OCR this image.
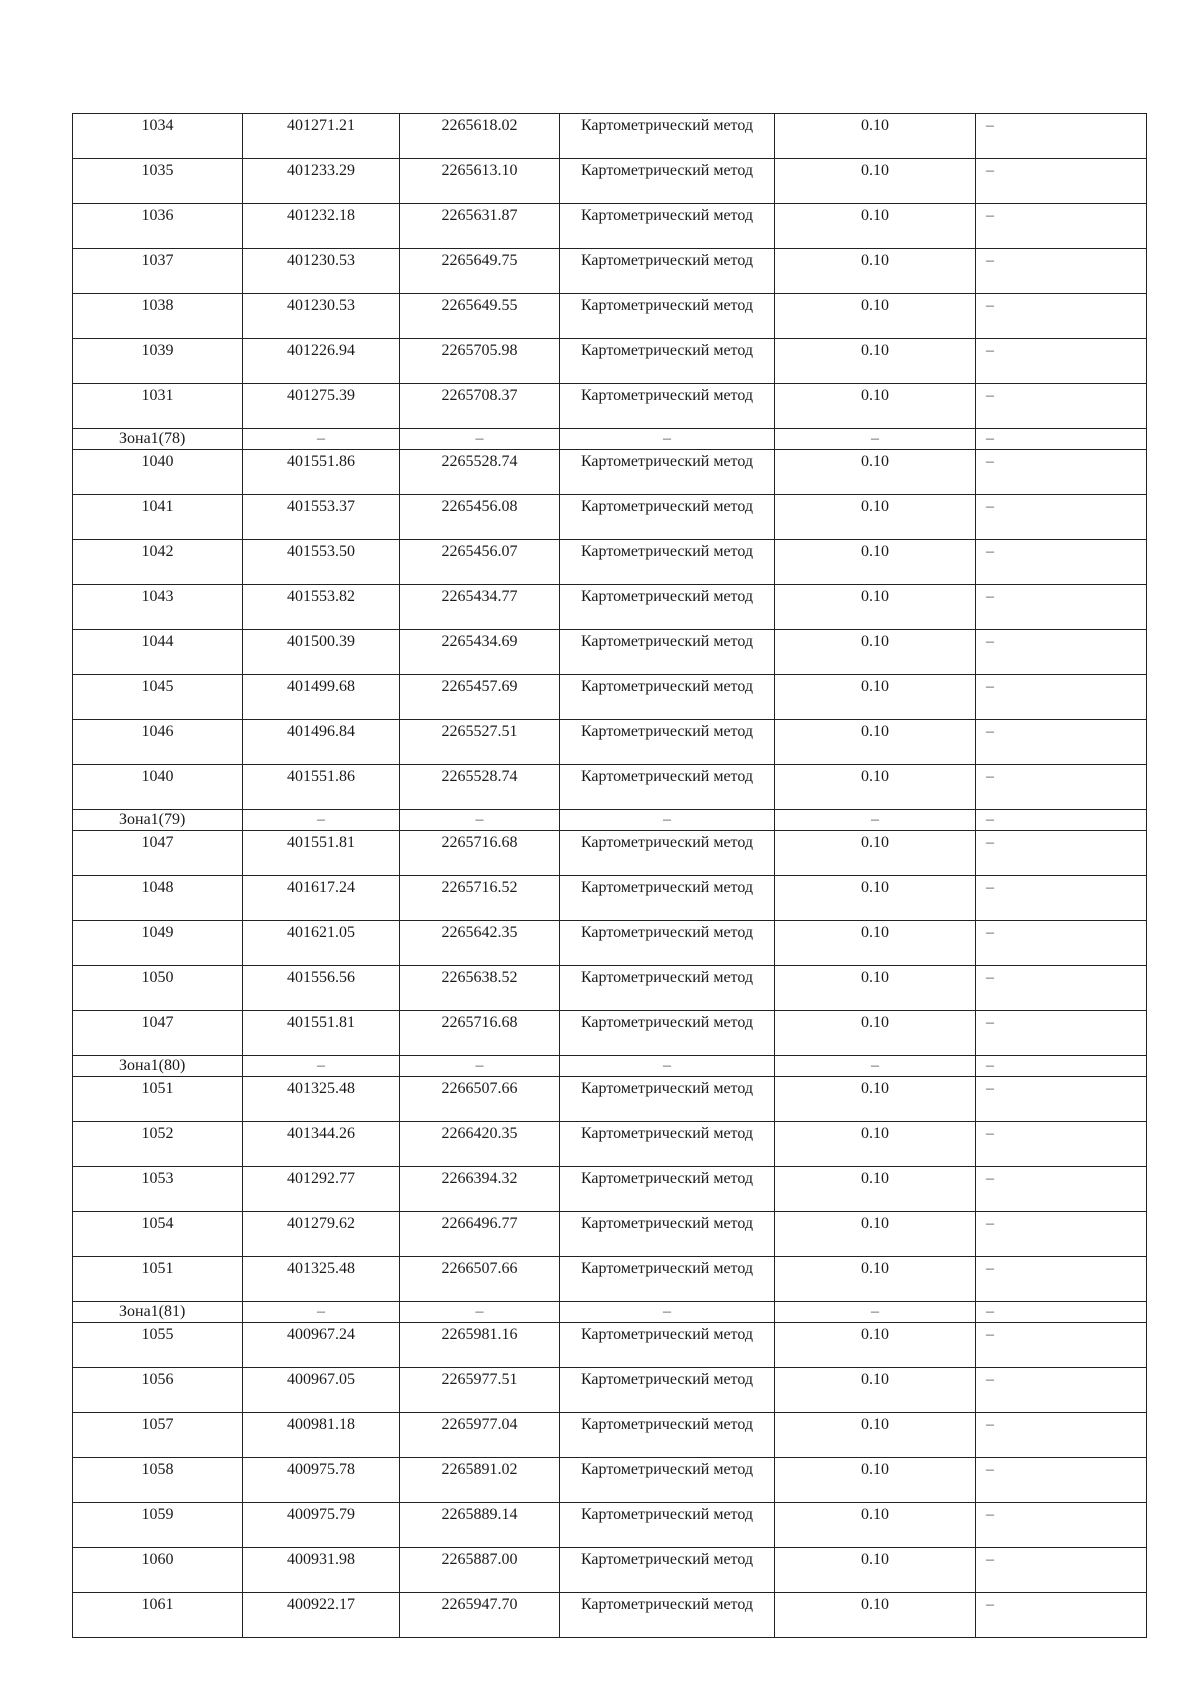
1034	401271.21	2265618.02	Картометрический метод	0.10	–
1035	401233.29	2265613.10	Картометрический метод	0.10	–
1036	401232.18	2265631.87	Картометрический метод	0.10	–
1037	401230.53	2265649.75	Картометрический метод	0.10	–
1038	401230.53	2265649.55	Картометрический метод	0.10	–
1039	401226.94	2265705.98	Картометрический метод	0.10	–
1031	401275.39	2265708.37	Картометрический метод	0.10	–
Зона1(78)	–	–	–	–	–
1040	401551.86	2265528.74	Картометрический метод	0.10	–
1041	401553.37	2265456.08	Картометрический метод	0.10	–
1042	401553.50	2265456.07	Картометрический метод	0.10	–
1043	401553.82	2265434.77	Картометрический метод	0.10	–
1044	401500.39	2265434.69	Картометрический метод	0.10	–
1045	401499.68	2265457.69	Картометрический метод	0.10	–
1046	401496.84	2265527.51	Картометрический метод	0.10	–
1040	401551.86	2265528.74	Картометрический метод	0.10	–
Зона1(79)	–	–	–	–	–
1047	401551.81	2265716.68	Картометрический метод	0.10	–
1048	401617.24	2265716.52	Картометрический метод	0.10	–
1049	401621.05	2265642.35	Картометрический метод	0.10	–
1050	401556.56	2265638.52	Картометрический метод	0.10	–
1047	401551.81	2265716.68	Картометрический метод	0.10	–
Зона1(80)	–	–	–	–	–
1051	401325.48	2266507.66	Картометрический метод	0.10	–
1052	401344.26	2266420.35	Картометрический метод	0.10	–
1053	401292.77	2266394.32	Картометрический метод	0.10	–
1054	401279.62	2266496.77	Картометрический метод	0.10	–
1051	401325.48	2266507.66	Картометрический метод	0.10	–
Зона1(81)	–	–	–	–	–
1055	400967.24	2265981.16	Картометрический метод	0.10	–
1056	400967.05	2265977.51	Картометрический метод	0.10	–
1057	400981.18	2265977.04	Картометрический метод	0.10	–
1058	400975.78	2265891.02	Картометрический метод	0.10	–
1059	400975.79	2265889.14	Картометрический метод	0.10	–
1060	400931.98	2265887.00	Картометрический метод	0.10	–
1061	400922.17	2265947.70	Картометрический метод	0.10	–
